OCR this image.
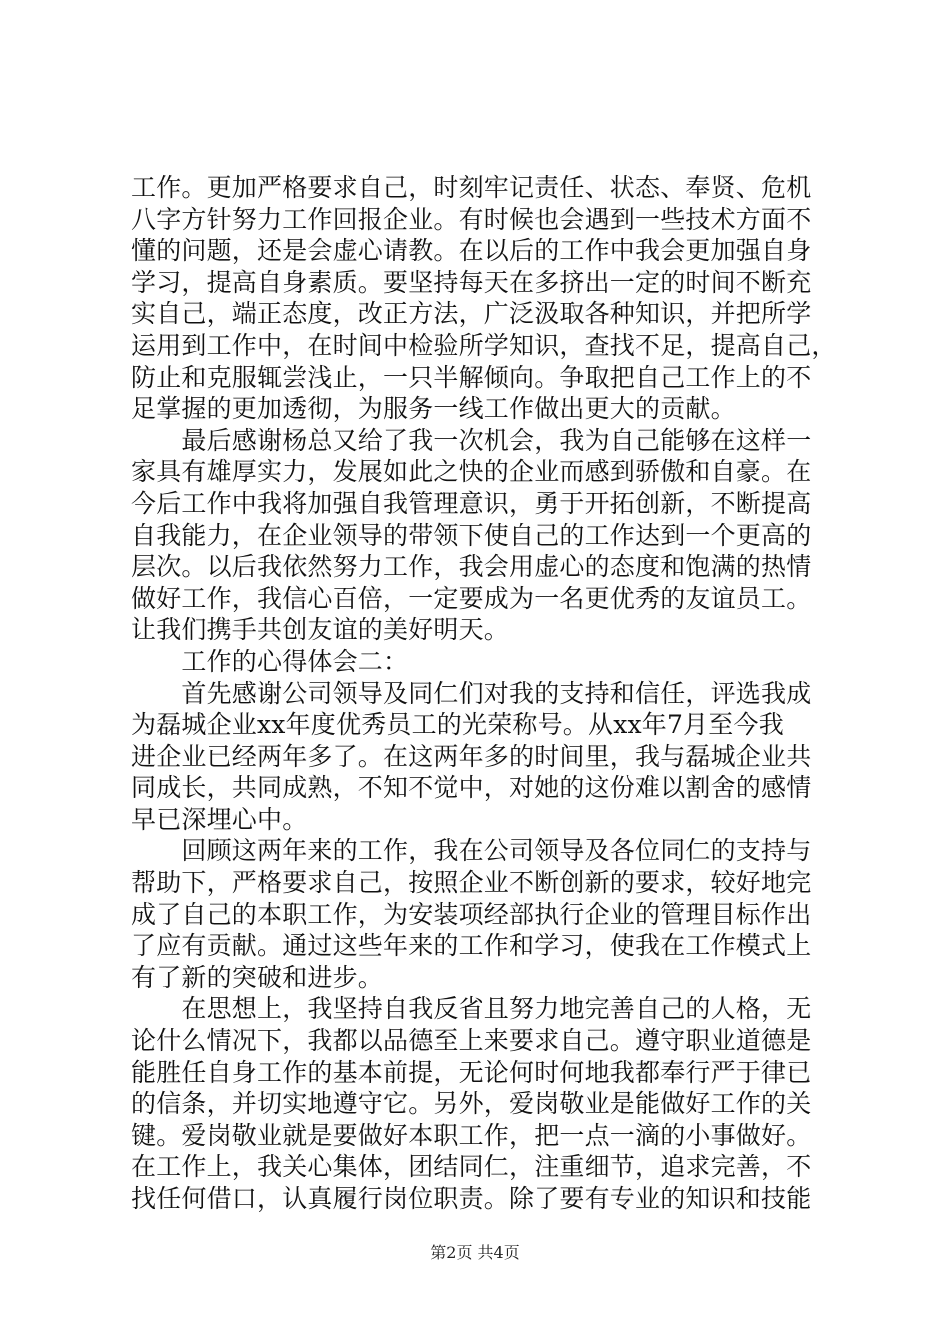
工作。更加严格要求自己，时刻牢记责任、状态、奉贤、危机
八字方针努力工作回报企业。有时候也会遇到一些技术方面不
懂的问题，还是会虚心请教。在以后的工作中我会更加强自身
学习，提高自身素质。要坚持每天在多挤出一定的时间不断充
实自己，端正态度，改正方法，广泛汲取各种知识，并把所学
运用到工作中，在时间中检验所学知识，查找不足，提高自己，
防止和克服辄尝浅止，一只半解倾向。争取把自己工作上的不
足掌握的更加透彻，为服务一线工作做出更大的贡献。
　　最后感谢杨总又给了我一次机会，我为自己能够在这样一
家具有雄厚实力，发展如此之快的企业而感到骄傲和自豪。在
今后工作中我将加强自我管理意识，勇于开拓创新，不断提高
自我能力，在企业领导的带领下使自己的工作达到一个更高的
层次。以后我依然努力工作，我会用虚心的态度和饱满的热情
做好工作，我信心百倍，一定要成为一名更优秀的友谊员工。
让我们携手共创友谊的美好明天。
　　工作的心得体会二：
　　首先感谢公司领导及同仁们对我的支持和信任，评选我成
为磊城企业xx年度优秀员工的光荣称号。从xx年7月至今我
进企业已经两年多了。在这两年多的时间里，我与磊城企业共
同成长，共同成熟，不知不觉中，对她的这份难以割舍的感情
早已深埋心中。
　　回顾这两年来的工作，我在公司领导及各位同仁的支持与
帮助下，严格要求自己，按照企业不断创新的要求，较好地完
成了自己的本职工作，为安装项经部执行企业的管理目标作出
了应有贡献。通过这些年来的工作和学习，使我在工作模式上
有了新的突破和进步。
　　在思想上，我坚持自我反省且努力地完善自己的人格，无
论什么情况下，我都以品德至上来要求自己。遵守职业道德是
能胜任自身工作的基本前提，无论何时何地我都奉行严于律已
的信条，并切实地遵守它。另外，爱岗敬业是能做好工作的关
键。爱岗敬业就是要做好本职工作，把一点一滴的小事做好。
在工作上，我关心集体，团结同仁，注重细节，追求完善，不
找任何借口，认真履行岗位职责。除了要有专业的知识和技能
第2页 共4页
